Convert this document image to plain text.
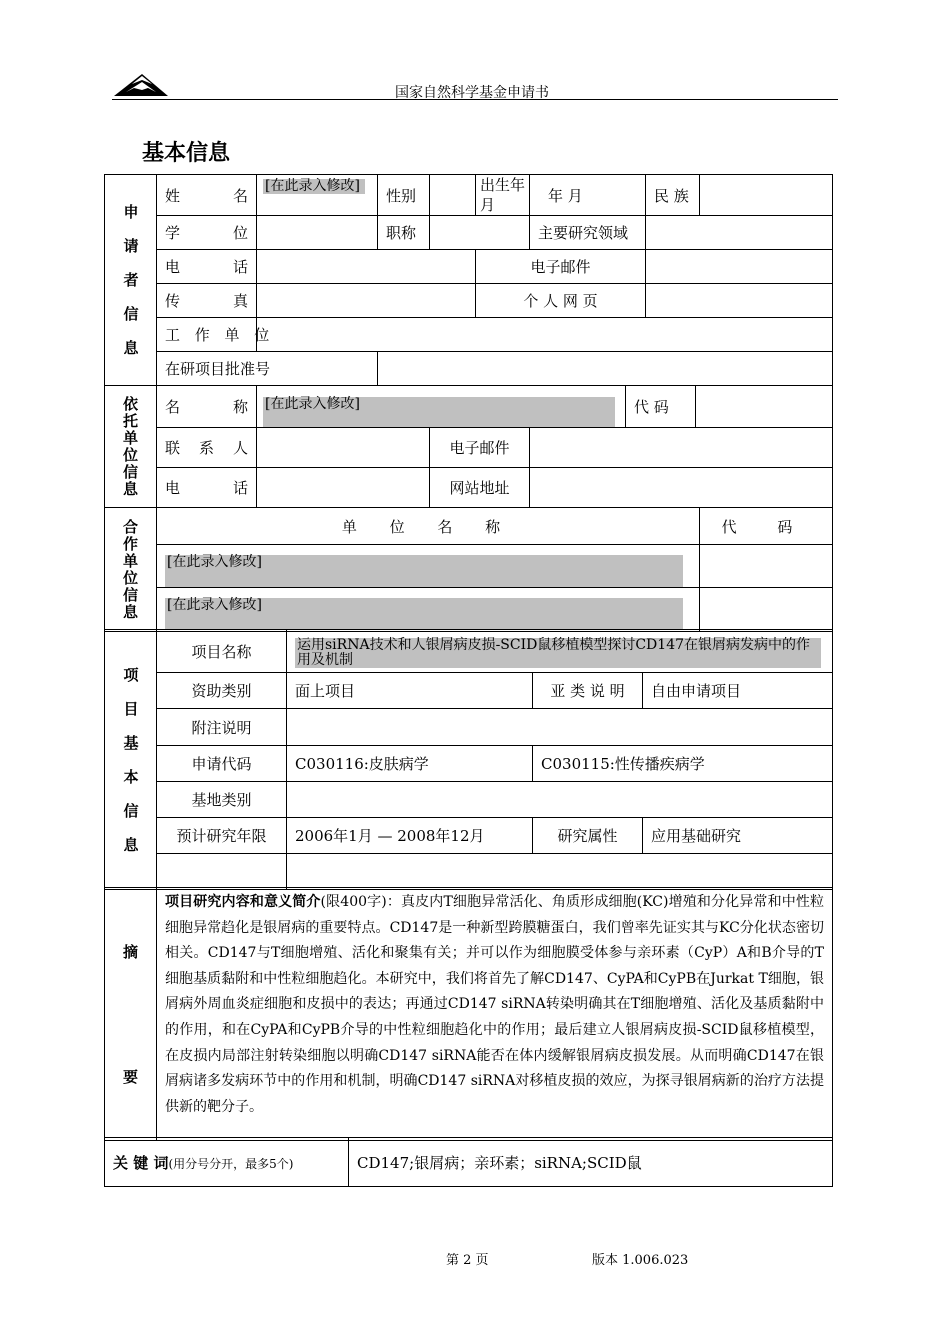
国家自然科学基金申请书
基本信息
申请者信息	姓 名	[在此录入修改]	性别		出生年月	年 月	民 族	

	学 位		职称			主要研究领域		

	电 话				电子邮件			

	传 真				个 人 网 页			
	工 作 单 位							

	在研项目批准号							

依托单位信息	名 称	[在此录入修改]			代 码	

	联 系 人		电子邮件			

	电 话		网站地址			
合作单位信息	单 位 名 称	代 码
	[在此录入修改]	
	[在此录入修改]	
项目基本信息	项目名称	运用siRNA技术和人银屑病皮损-SCID鼠移植模型探讨CD147在银屑病发病中的作用及机制		
	资助类别	面上项目	亚 类 说 明	自由申请项目
	附注说明			
	申请代码	C030116:皮肤病学	C030115:性传播疾病学	
	基地类别			
	预计研究年限	2006年1月 — 2008年12月	研究属性	应用基础研究

摘
要
	项目研究内容和意义简介(限400字)：真皮内T细胞异常活化、角质形成细胞(KC)增殖和分化异常和中性粒细胞异常趋化是银屑病的重要特点。CD147是一种新型跨膜糖蛋白，我们曾率先证实其与KC分化状态密切相关。CD147与T细胞增殖、活化和聚集有关；并可以作为细胞膜受体参与亲环素（CyP）A和B介导的T细胞基质黏附和中性粒细胞趋化。本研究中，我们将首先了解CD147、CyPA和CyPB在Jurkat T细胞，银屑病外周血炎症细胞和皮损中的表达；再通过CD147 siRNA转染明确其在T细胞增殖、活化及基质黏附中的作用，和在CyPA和CyPB介导的中性粒细胞趋化中的作用；最后建立人银屑病皮损-SCID鼠移植模型，在皮损内局部注射转染细胞以明确CD147 siRNA能否在体内缓解银屑病皮损发展。从而明确CD147在银屑病诸多发病环节中的作用和机制，明确CD147 siRNA对移植皮损的效应，为探寻银屑病新的治疗方法提供新的靶分子。
关 键 词(用分号分开，最多5个)	CD147;银屑病；亲环素；siRNA;SCID鼠
第 2 页	版本 1.006.023
